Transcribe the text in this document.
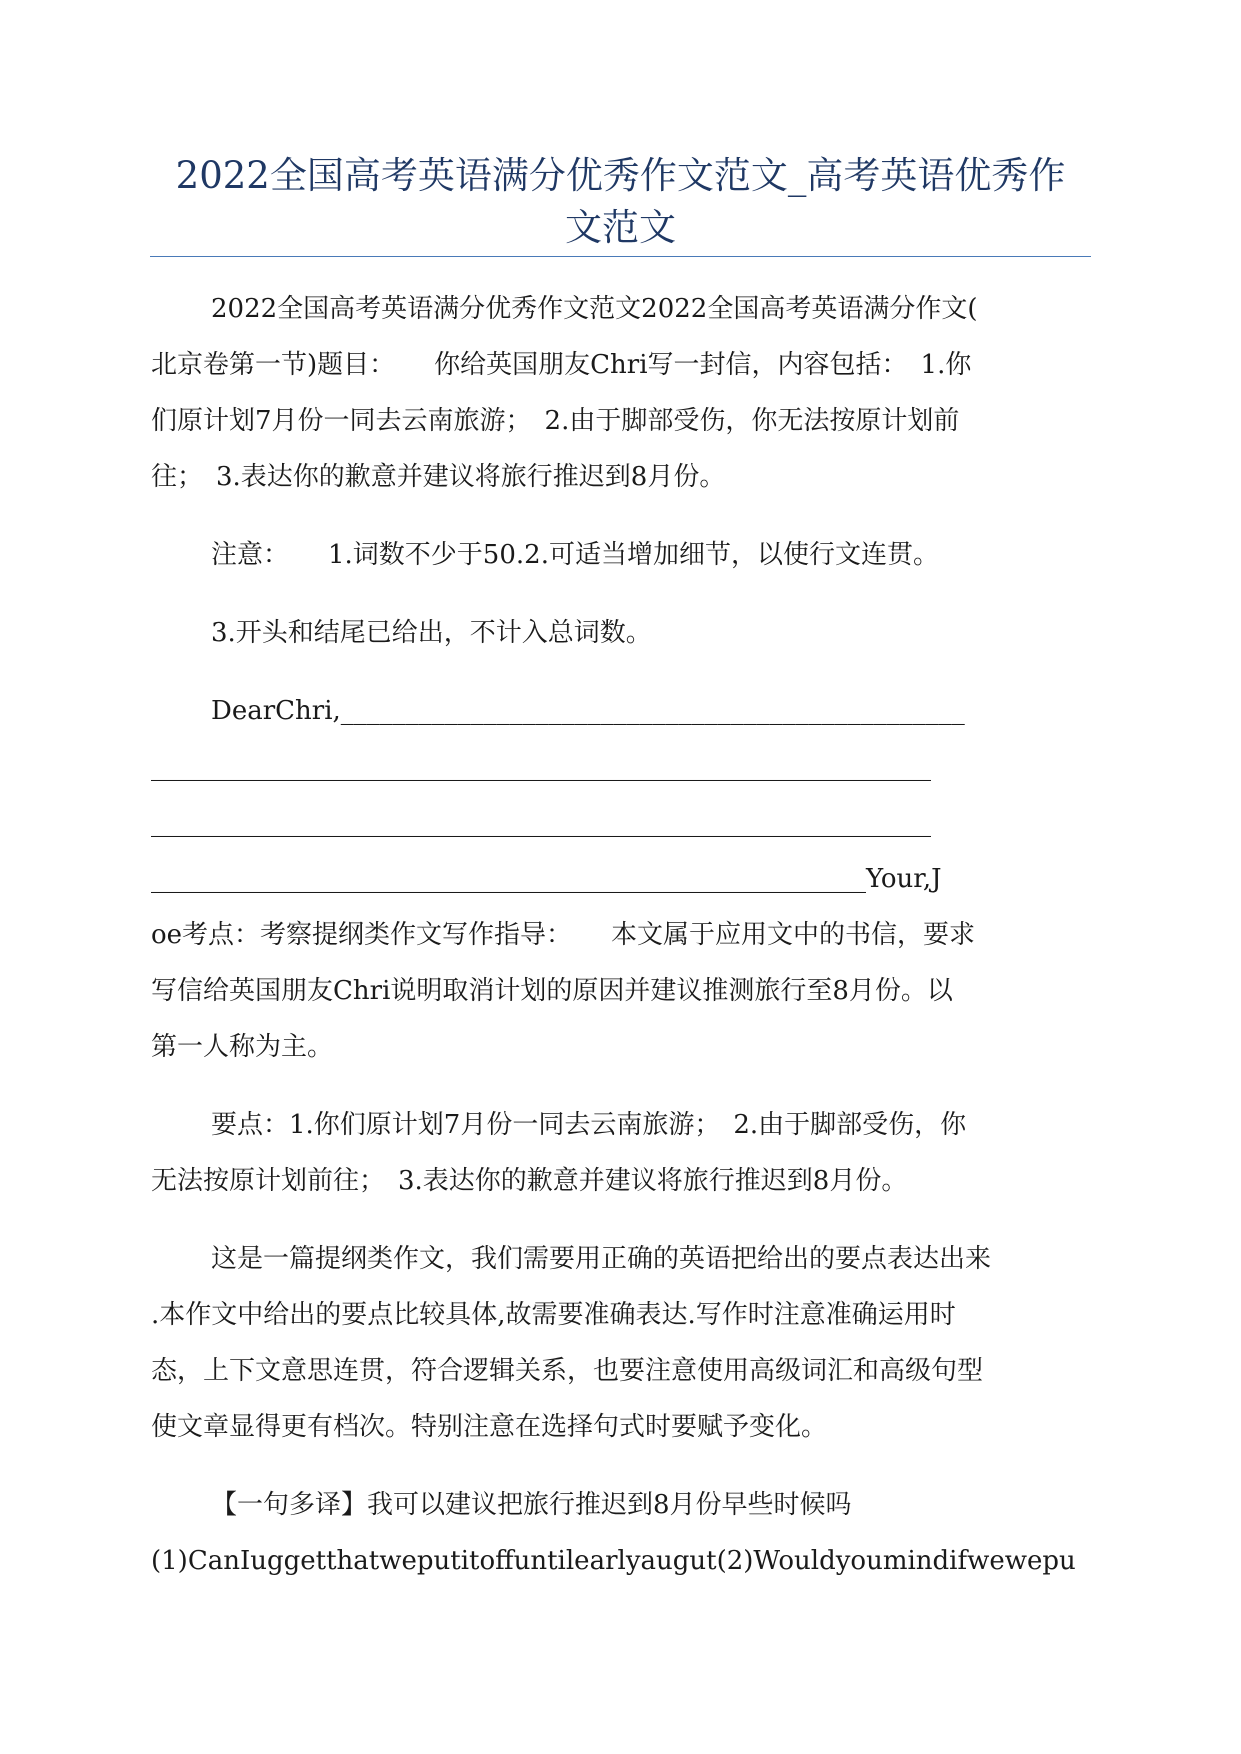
2022全国高考英语满分优秀作文范文_高考英语优秀作
文范文
2022全国高考英语满分优秀作文范文2022全国高考英语满分作文(
北京卷第一节)题目：　　你给英国朋友Chri写一封信，内容包括：　1.你
们原计划7月份一同去云南旅游；　2.由于脚部受伤，你无法按原计划前
往；　3.表达你的歉意并建议将旅行推迟到8月份。
注意：　　1.词数不少于50.2.可适当增加细节，以使行文连贯。
3.开头和结尾已给出，不计入总词数。
DearChri,________________________________________________
____________________________________________________________
____________________________________________________________
_______________________________________________________Your,J
oe考点：考察提纲类作文写作指导：　　本文属于应用文中的书信，要求
写信给英国朋友Chri说明取消计划的原因并建议推测旅行至8月份。以
第一人称为主。
要点：1.你们原计划7月份一同去云南旅游；　2.由于脚部受伤，你
无法按原计划前往；　3.表达你的歉意并建议将旅行推迟到8月份。
这是一篇提纲类作文，我们需要用正确的英语把给出的要点表达出来
.本作文中给出的要点比较具体,故需要准确表达.写作时注意准确运用时
态，上下文意思连贯，符合逻辑关系，也要注意使用高级词汇和高级句型
使文章显得更有档次。特别注意在选择句式时要赋予变化。
【一句多译】我可以建议把旅行推迟到8月份早些时候吗
(1)CanIuggetthatweputitoffuntilearlyaugut(2)Wouldyoumindifwewepu
